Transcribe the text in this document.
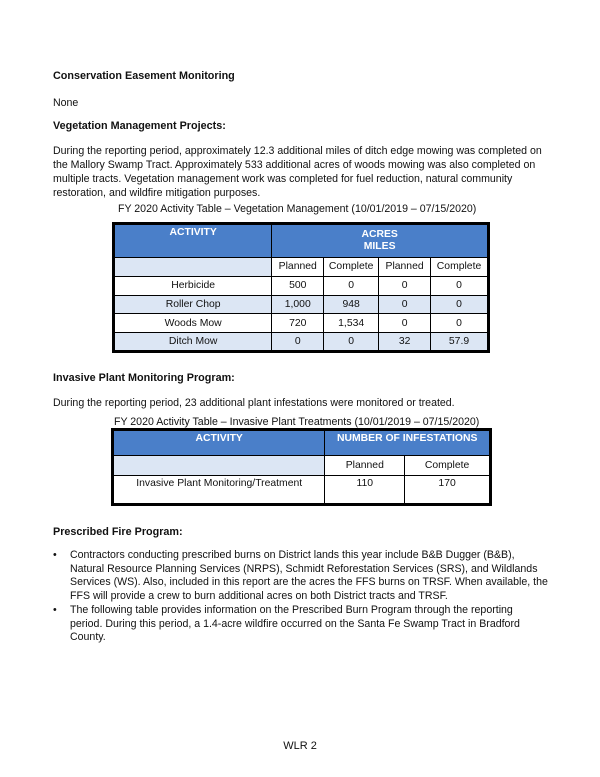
Conservation Easement Monitoring
None
Vegetation Management Projects:
During the reporting period, approximately 12.3 additional miles of ditch edge mowing was completed on the Mallory Swamp Tract. Approximately 533 additional acres of woods mowing was also completed on multiple tracts. Vegetation management work was completed for fuel reduction, natural community restoration, and wildfire mitigation purposes.
FY 2020 Activity Table – Vegetation Management (10/01/2019 – 07/15/2020)
ACTIVITY	ACRES
MILES			

	Planned	Complete	Planned	Complete
Herbicide	500	0	0	0
Roller Chop	1,000	948	0	0
Woods Mow	720	1,534	0	0
Ditch Mow	0	0	32	57.9
Invasive Plant Monitoring Program:
During the reporting period, 23 additional plant infestations were monitored or treated.
FY 2020 Activity Table – Invasive Plant Treatments (10/01/2019 – 07/15/2020)
ACTIVITY	NUMBER OF INFESTATIONS	
	Planned	Complete
Invasive Plant Monitoring/Treatment	110	170
Prescribed Fire Program:
• Contractors conducting prescribed burns on District lands this year include B&B Dugger (B&B), Natural Resource Planning Services (NRPS), Schmidt Reforestation Services (SRS), and Wildlands Services (WS). Also, included in this report are the acres the FFS burns on TRSF. When available, the FFS will provide a crew to burn additional acres on both District tracts and TRSF.
• The following table provides information on the Prescribed Burn Program through the reporting period. During this period, a 1.4-acre wildfire occurred on the Santa Fe Swamp Tract in Bradford County.
WLR 2
